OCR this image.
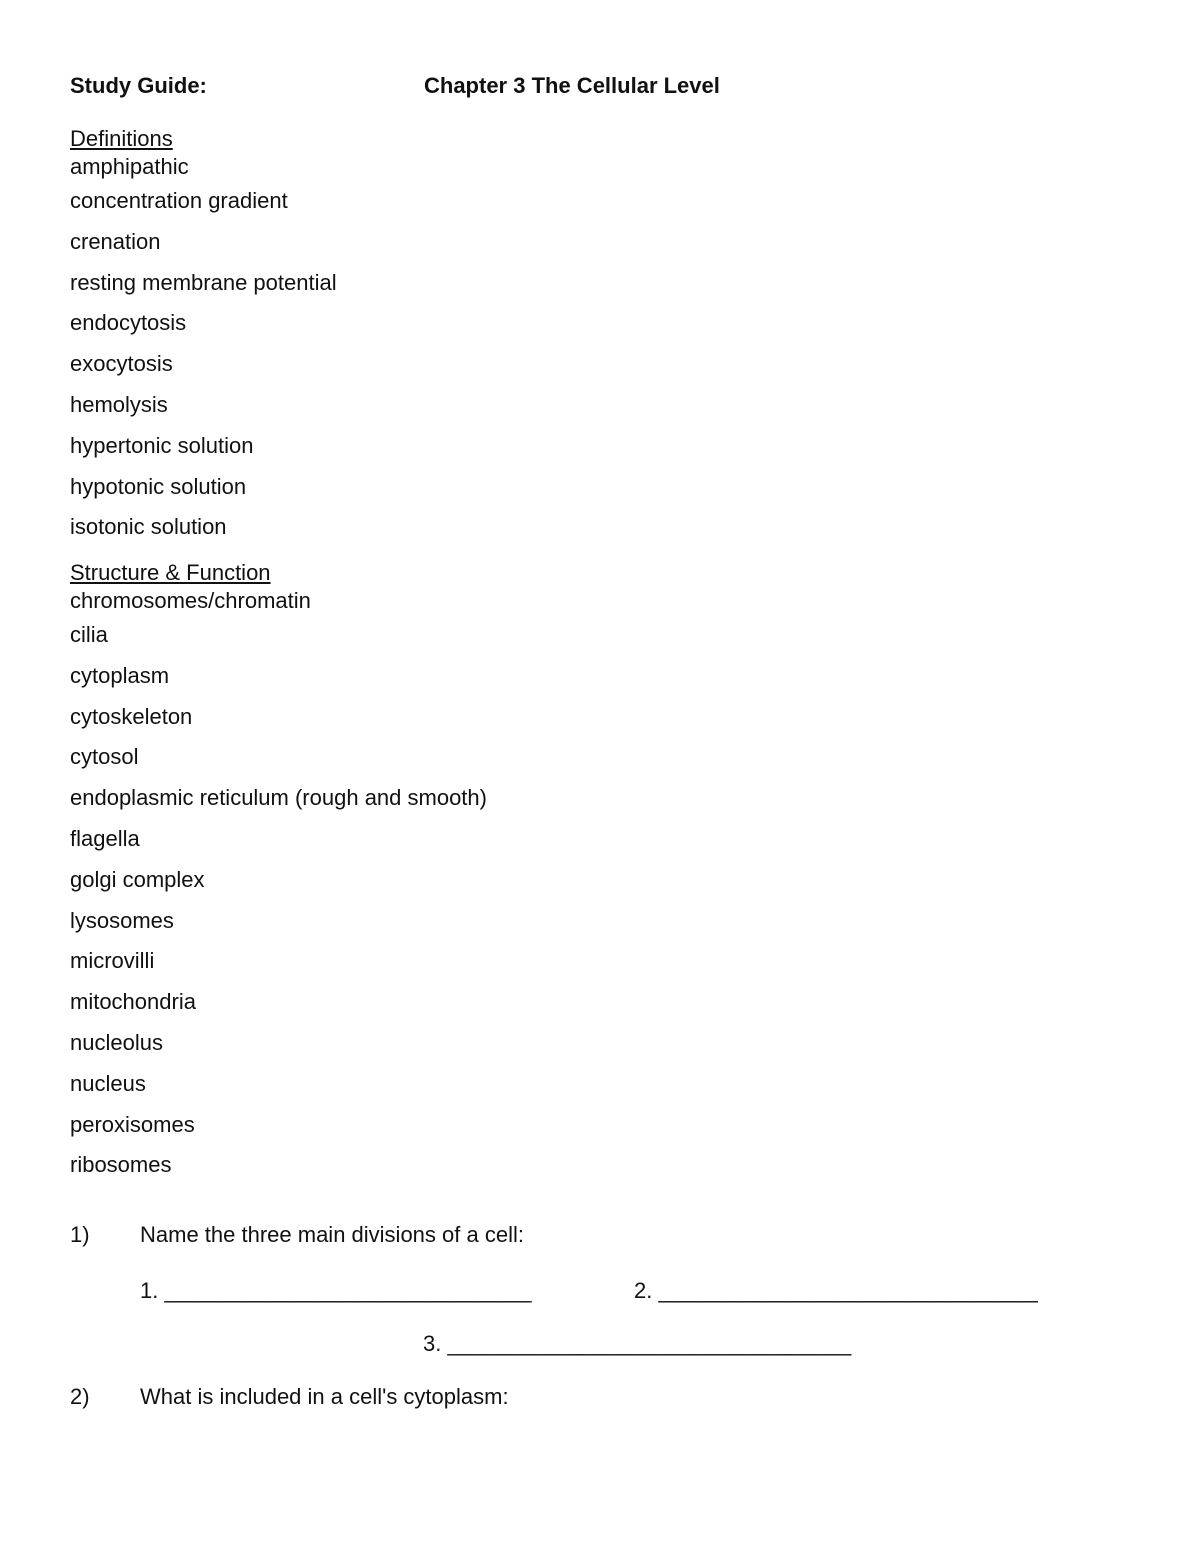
Study Guide:	Chapter 3 The Cellular Level
Definitions
amphipathic
concentration gradient
crenation
resting membrane potential
endocytosis
exocytosis
hemolysis
hypertonic solution
hypotonic solution
isotonic solution
Structure & Function
chromosomes/chromatin
cilia
cytoplasm
cytoskeleton
cytosol
endoplasmic reticulum (rough and smooth)
flagella
golgi complex
lysosomes
microvilli
mitochondria
nucleolus
nucleus
peroxisomes
ribosomes
1) Name the three main divisions of a cell:
1. ______________________________	2. _______________________________
3. _________________________________
2) What is included in a cell's cytoplasm:
